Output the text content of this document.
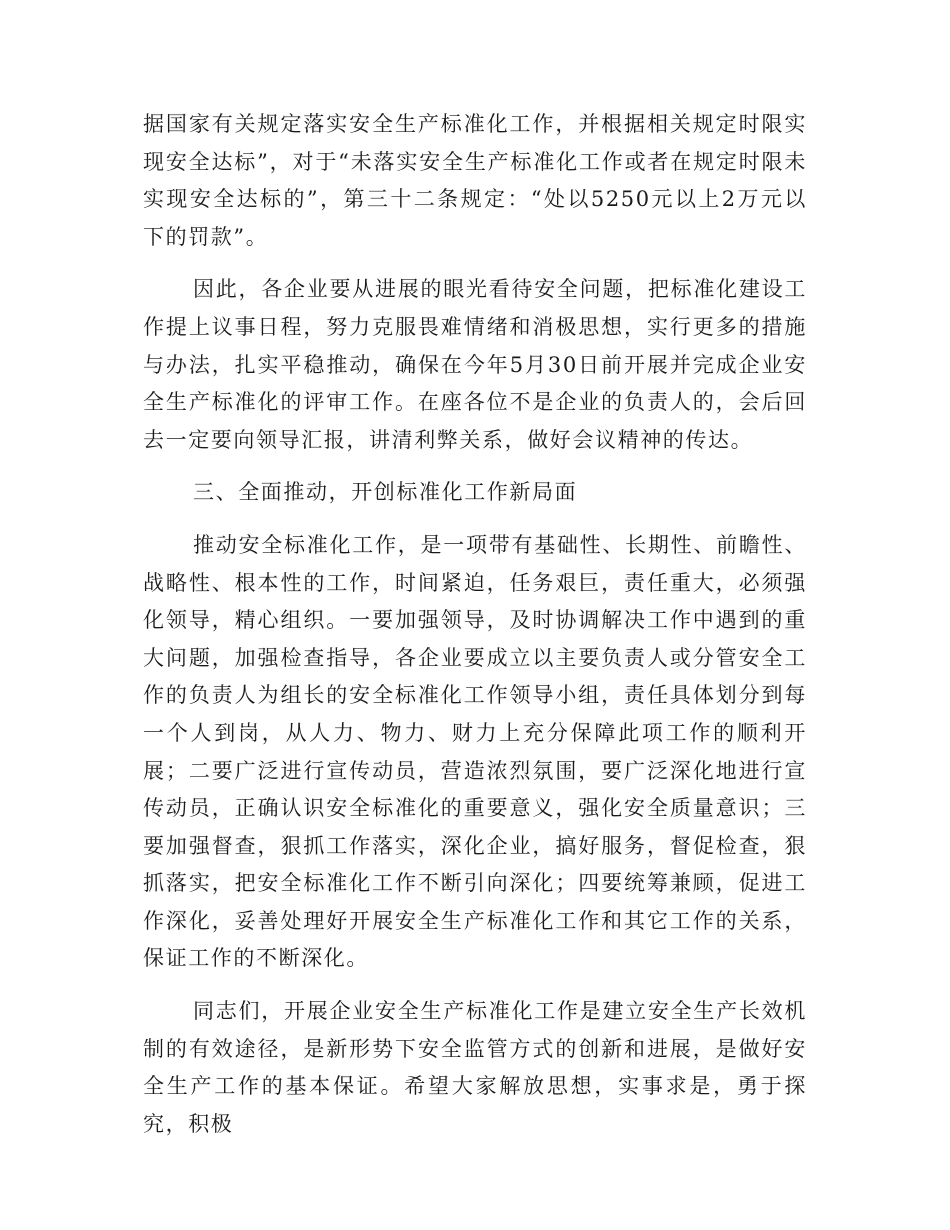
据国家有关规定落实安全生产标准化工作，并根据相关规定时限实现安全达标”，对于“未落实安全生产标准化工作或者在规定时限未实现安全达标的”，第三十二条规定：“处以5250元以上2万元以下的罚款”。

因此，各企业要从进展的眼光看待安全问题，把标准化建设工作提上议事日程，努力克服畏难情绪和消极思想，实行更多的措施与办法，扎实平稳推动，确保在今年5月30日前开展并完成企业安全生产标准化的评审工作。在座各位不是企业的负责人的，会后回去一定要向领导汇报，讲清利弊关系，做好会议精神的传达。

三、全面推动，开创标准化工作新局面

推动安全标准化工作，是一项带有基础性、长期性、前瞻性、战略性、根本性的工作，时间紧迫，任务艰巨，责任重大，必须强化领导，精心组织。一要加强领导，及时协调解决工作中遇到的重大问题，加强检查指导，各企业要成立以主要负责人或分管安全工作的负责人为组长的安全标准化工作领导小组，责任具体划分到每一个人到岗，从人力、物力、财力上充分保障此项工作的顺利开展；二要广泛进行宣传动员，营造浓烈氛围，要广泛深化地进行宣传动员，正确认识安全标准化的重要意义，强化安全质量意识；三要加强督查，狠抓工作落实，深化企业，搞好服务，督促检查，狠抓落实，把安全标准化工作不断引向深化；四要统筹兼顾，促进工作深化，妥善处理好开展安全生产标准化工作和其它工作的关系，保证工作的不断深化。

同志们，开展企业安全生产标准化工作是建立安全生产长效机制的有效途径，是新形势下安全监管方式的创新和进展，是做好安全生产工作的基本保证。希望大家解放思想，实事求是，勇于探究，积极
